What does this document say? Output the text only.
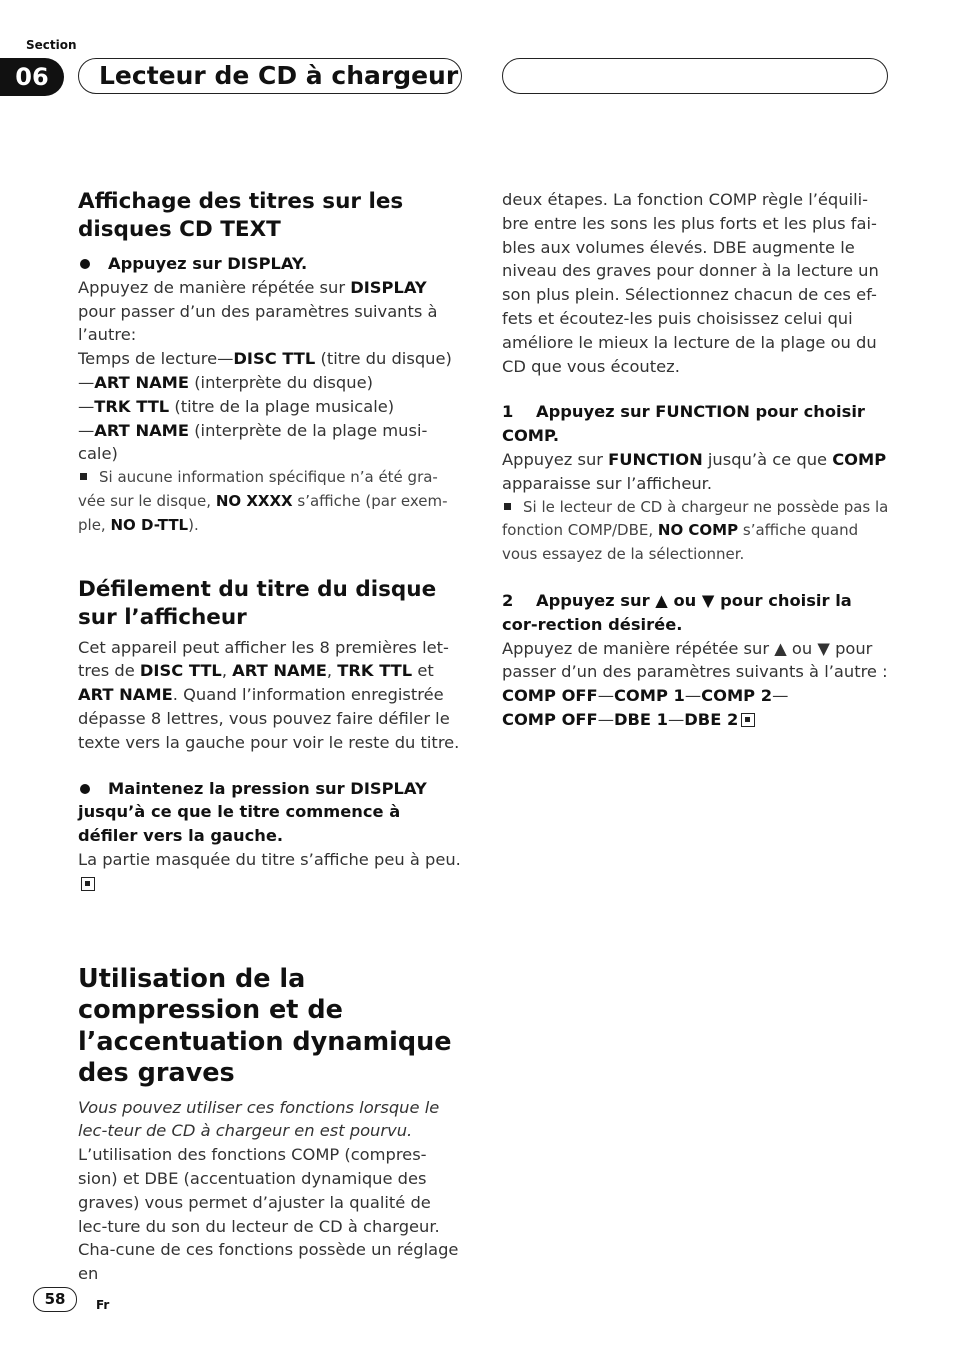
Section
06	Lecteur de CD à chargeur
Affichage des titres sur les disques CD TEXT

Appuyez sur DISPLAY.

Appuyez de manière répétée sur DISPLAY pour passer d’un des paramètres suivants à l’autre:

Temps de lecture—DISC TTL (titre du disque)

—ART NAME (interprète du disque)

—TRK TTL (titre de la plage musicale)

—ART NAME (interprète de la plage musi-cale)

Si aucune information spécifique n’a été gra-vée sur le disque, NO XXXX s’affiche (par exem-ple, NO D-TTL).

Défilement du titre du disque sur l’afficheur

Cet appareil peut afficher les 8 premières let-tres de DISC TTL, ART NAME, TRK TTL et ART NAME. Quand l’information enregistrée dépasse 8 lettres, vous pouvez faire défiler le texte vers la gauche pour voir le reste du titre.

Maintenez la pression sur DISPLAY jusqu’à ce que le titre commence à défiler vers la gauche.

La partie masquée du titre s’affiche peu à peu.

Utilisation de la compression et de l’accentuation dynamique des graves

Vous pouvez utiliser ces fonctions lorsque le lec-teur de CD à chargeur en est pourvu.

L’utilisation des fonctions COMP (compres-sion) et DBE (accentuation dynamique des graves) vous permet d’ajuster la qualité de lec-ture du son du lecteur de CD à chargeur. Cha-cune de ces fonctions possède un réglage en

deux étapes. La fonction COMP règle l’équili-bre entre les sons les plus forts et les plus fai-bles aux volumes élevés. DBE augmente le niveau des graves pour donner à la lecture un son plus plein. Sélectionnez chacun de ces ef-fets et écoutez-les puis choisissez celui qui améliore le mieux la lecture de la plage ou du CD que vous écoutez.

1    Appuyez sur FUNCTION pour choisir COMP.

Appuyez sur FUNCTION jusqu’à ce que COMP apparaisse sur l’afficheur.

Si le lecteur de CD à chargeur ne possède pas la fonction COMP/DBE, NO COMP s’affiche quand vous essayez de la sélectionner.

2    Appuyez sur ▲ ou ▼ pour choisir la cor-rection désirée.

Appuyez de manière répétée sur ▲ ou ▼ pour passer d’un des paramètres suivants à l’autre :

COMP OFF—COMP 1—COMP 2—

COMP OFF—DBE 1—DBE 2

58	Fr
